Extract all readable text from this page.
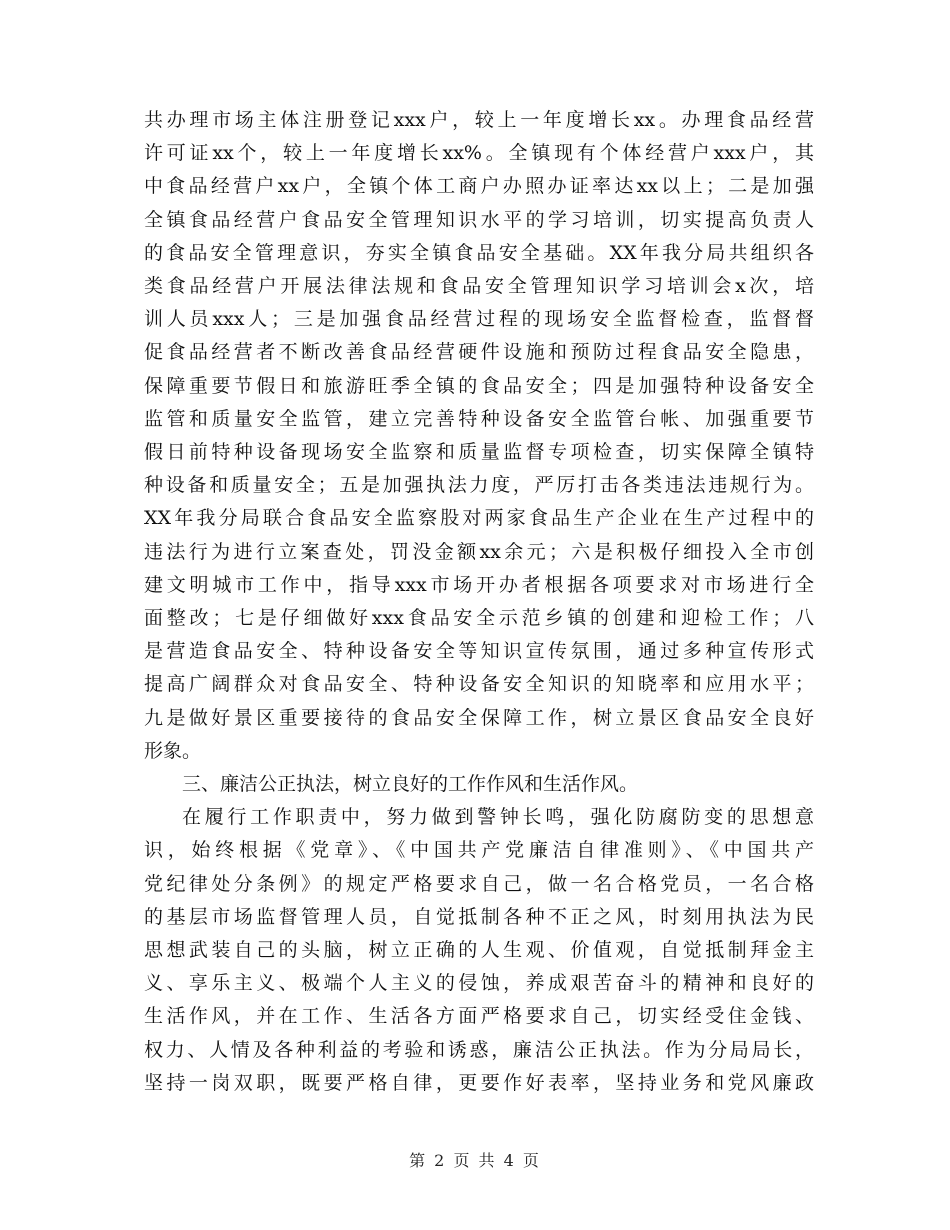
共办理市场主体注册登记xxx户，较上一年度增长xx。办理食品经营
许可证xx个，较上一年度增长xx%。全镇现有个体经营户xxx户，其
中食品经营户xx户，全镇个体工商户办照办证率达xx以上；二是加强
全镇食品经营户食品安全管理知识水平的学习培训，切实提高负责人
的食品安全管理意识，夯实全镇食品安全基础。XX年我分局共组织各
类食品经营户开展法律法规和食品安全管理知识学习培训会x次，培
训人员xxx人；三是加强食品经营过程的现场安全监督检查，监督督
促食品经营者不断改善食品经营硬件设施和预防过程食品安全隐患，
保障重要节假日和旅游旺季全镇的食品安全；四是加强特种设备安全
监管和质量安全监管，建立完善特种设备安全监管台帐、加强重要节
假日前特种设备现场安全监察和质量监督专项检查，切实保障全镇特
种设备和质量安全；五是加强执法力度，严厉打击各类违法违规行为。
XX年我分局联合食品安全监察股对两家食品生产企业在生产过程中的
违法行为进行立案查处，罚没金额xx余元；六是积极仔细投入全市创
建文明城市工作中，指导xxx市场开办者根据各项要求对市场进行全
面整改；七是仔细做好xxx食品安全示范乡镇的创建和迎检工作；八
是营造食品安全、特种设备安全等知识宣传氛围，通过多种宣传形式
提高广阔群众对食品安全、特种设备安全知识的知晓率和应用水平；
九是做好景区重要接待的食品安全保障工作，树立景区食品安全良好
形象。

三、廉洁公正执法，树立良好的工作作风和生活作风。

在履行工作职责中，努力做到警钟长鸣，强化防腐防变的思想意
识，始终根据《党章》、《中国共产党廉洁自律准则》、《中国共产
党纪律处分条例》的规定严格要求自己，做一名合格党员，一名合格
的基层市场监督管理人员，自觉抵制各种不正之风，时刻用执法为民
思想武装自己的头脑，树立正确的人生观、价值观，自觉抵制拜金主
义、享乐主义、极端个人主义的侵蚀，养成艰苦奋斗的精神和良好的
生活作风，并在工作、生活各方面严格要求自己，切实经受住金钱、
权力、人情及各种利益的考验和诱惑，廉洁公正执法。作为分局局长，
坚持一岗双职，既要严格自律，更要作好表率，坚持业务和党风廉政

第 2 页 共 4 页
